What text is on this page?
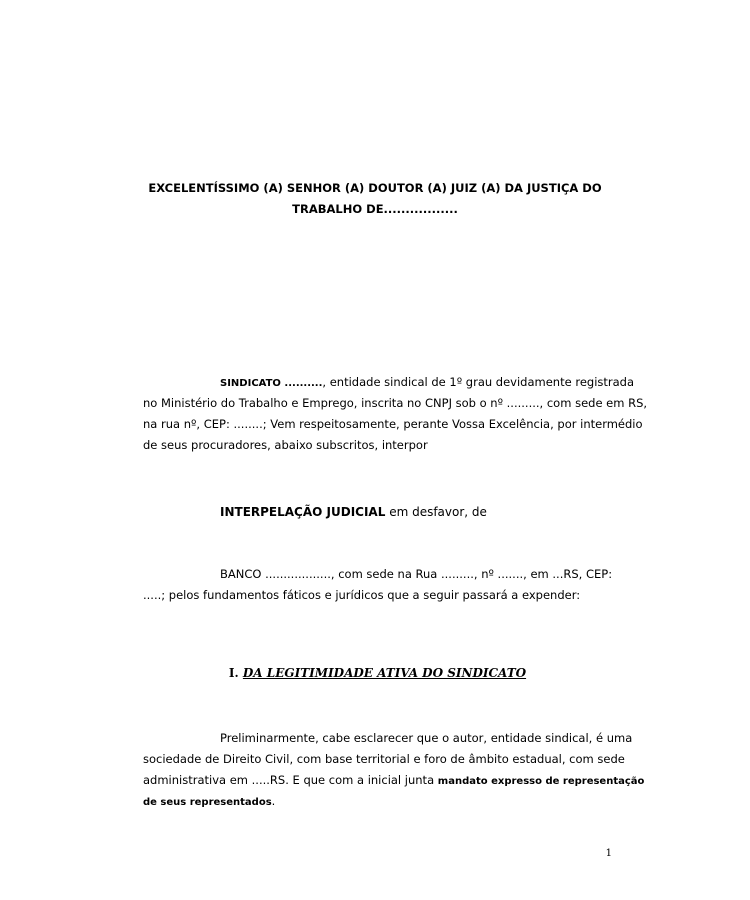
EXCELENTÍSSIMO (A) SENHOR (A) DOUTOR (A) JUIZ (A) DA JUSTIÇA DO
TRABALHO DE.................
SINDICATO .........., entidade sindical de 1º grau devidamente registrada
no Ministério do Trabalho e Emprego, inscrita no CNPJ sob o nº ........., com sede em RS,
na rua nº, CEP: ........; Vem respeitosamente, perante Vossa Excelência, por intermédio
de seus procuradores, abaixo subscritos, interpor
INTERPELAÇÃO JUDICIAL em desfavor, de
BANCO .................., com sede na Rua ........., nº ......., em ...RS, CEP:
.....; pelos fundamentos fáticos e jurídicos que a seguir passará a expender:
I. DA LEGITIMIDADE ATIVA DO SINDICATO
Preliminarmente, cabe esclarecer que o autor, entidade sindical, é uma
sociedade de Direito Civil, com base territorial e foro de âmbito estadual, com sede
administrativa em .....RS. E que com a inicial junta mandato expresso de representação
de seus representados.
1
